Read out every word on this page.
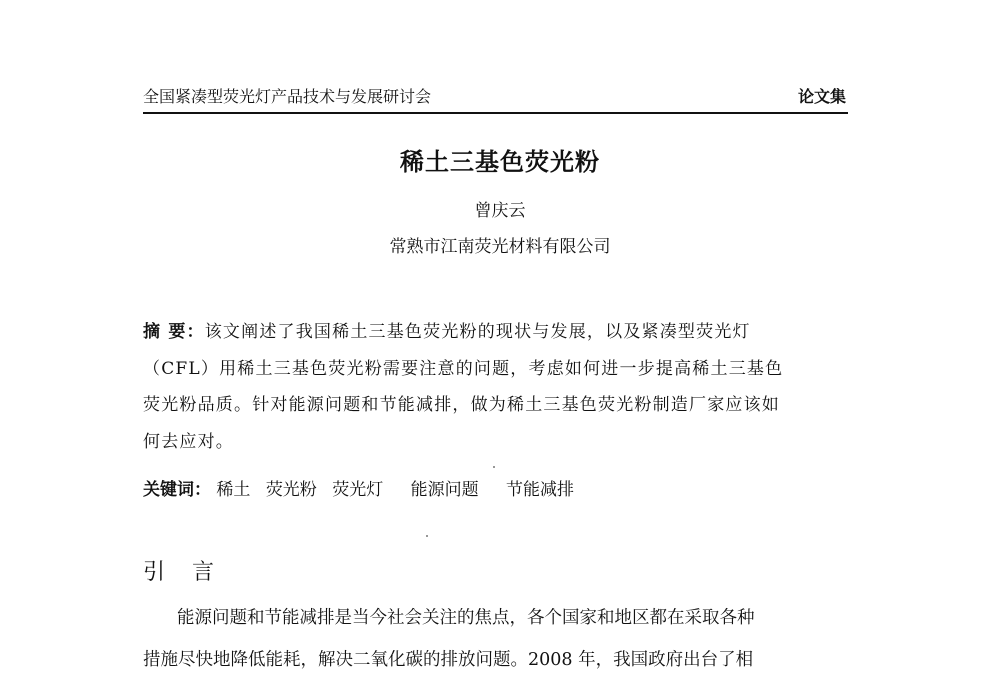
全国紧凑型荧光灯产品技术与发展研讨会	论文集
稀土三基色荧光粉
曾庆云
常熟市江南荧光材料有限公司
摘 要：该文阐述了我国稀土三基色荧光粉的现状与发展，以及紧凑型荧光灯
（CFL）用稀土三基色荧光粉需要注意的问题，考虑如何进一步提高稀土三基色
荧光粉品质。针对能源问题和节能减排，做为稀土三基色荧光粉制造厂家应该如
何去应对。
关键词： 稀土 荧光粉 荧光灯 能源问题 节能减排
引 言
能源问题和节能减排是当今社会关注的焦点，各个国家和地区都在采取各种
措施尽快地降低能耗，解决二氧化碳的排放问题。2008 年，我国政府出台了相
